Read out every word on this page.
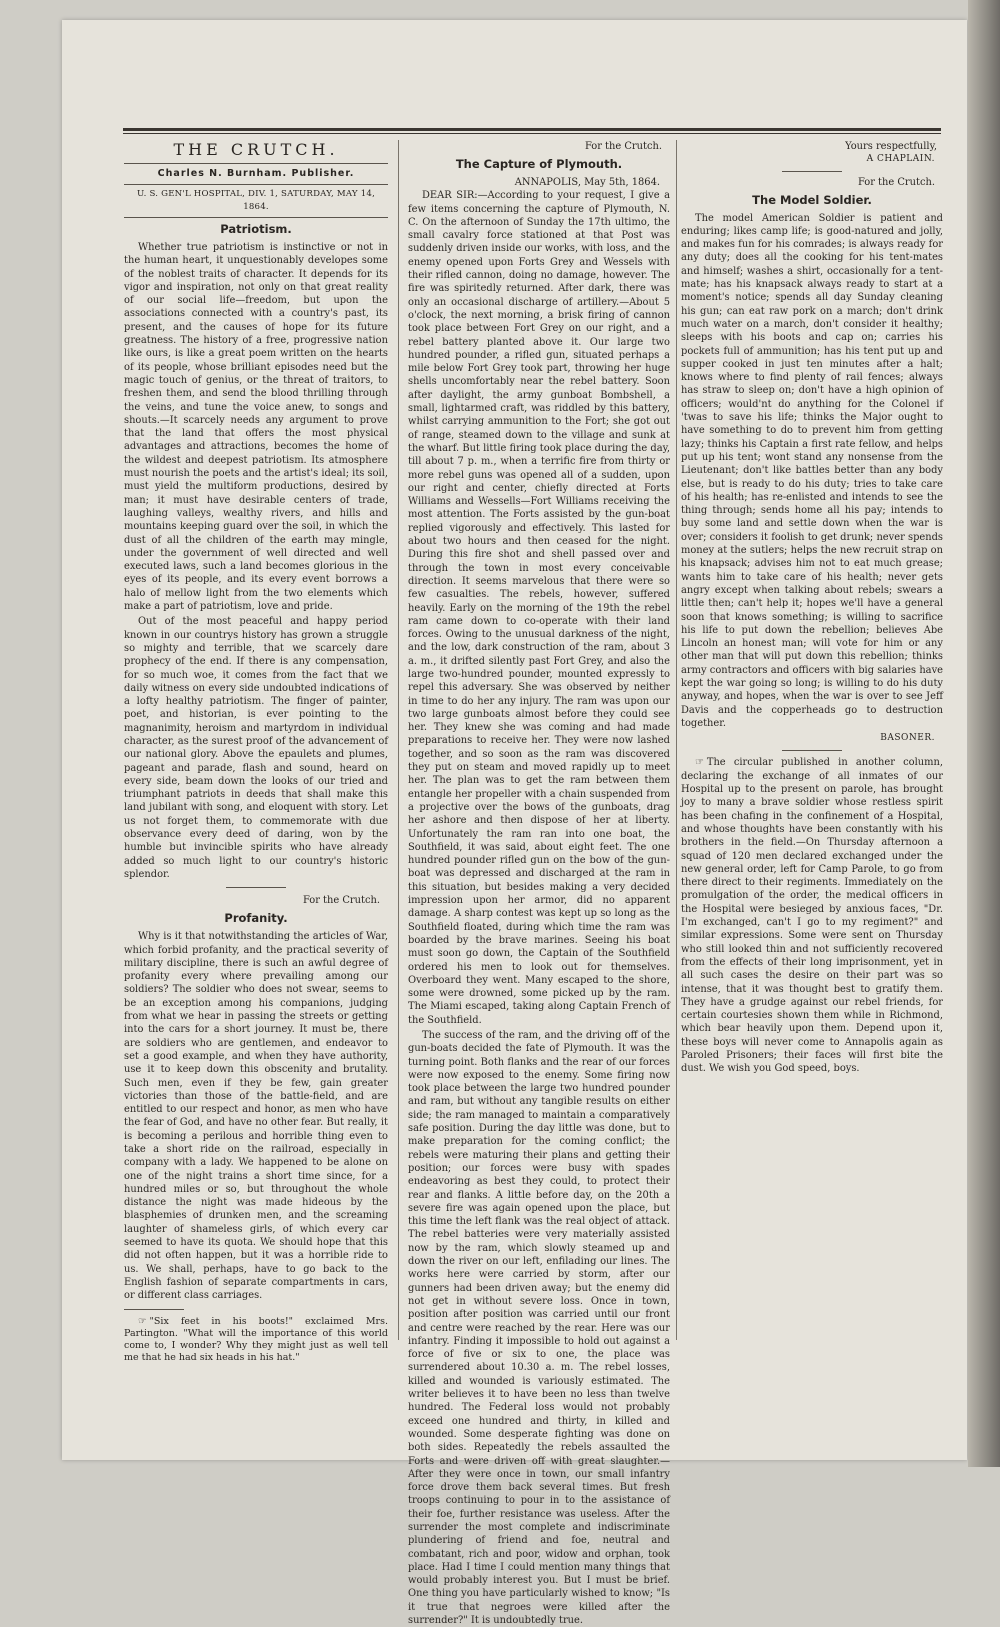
THE CRUTCH.
Charles N. Burnham. Publisher.
U. S. GEN'L HOSPITAL, DIV. 1, SATURDAY, MAY 14, 1864.
Patriotism.

Whether true patriotism is instinctive or not in the human heart, it unquestionably developes some of the noblest traits of character. It depends for its vigor and inspiration, not only on that great reality of our social life—freedom, but upon the associations connected with a country's past, its present, and the causes of hope for its future greatness. The history of a free, progressive nation like ours, is like a great poem written on the hearts of its people, whose brilliant episodes need but the magic touch of genius, or the threat of traitors, to freshen them, and send the blood thrilling through the veins, and tune the voice anew, to songs and shouts.—It scarcely needs any argument to prove that the land that offers the most physical advantages and attractions, becomes the home of the wildest and deepest patriotism. Its atmosphere must nourish the poets and the artist's ideal; its soil, must yield the multiform productions, desired by man; it must have desirable centers of trade, laughing valleys, wealthy rivers, and hills and mountains keeping guard over the soil, in which the dust of all the children of the earth may mingle, under the government of well directed and well executed laws, such a land becomes glorious in the eyes of its people, and its every event borrows a halo of mellow light from the two elements which make a part of patriotism, love and pride.

Out of the most peaceful and happy period known in our countrys history has grown a struggle so mighty and terrible, that we scarcely dare prophecy of the end. If there is any compensation, for so much woe, it comes from the fact that we daily witness on every side undoubted indications of a lofty healthy patriotism. The finger of painter, poet, and historian, is ever pointing to the magnanimity, heroism and martyrdom in individual character, as the surest proof of the advancement of our national glory. Above the epaulets and plumes, pageant and parade, flash and sound, heard on every side, beam down the looks of our tried and triumphant patriots in deeds that shall make this land jubilant with song, and eloquent with story. Let us not forget them, to commemorate with due observance every deed of daring, won by the humble but invincible spirits who have already added so much light to our country's historic splendor.

For the Crutch.
Profanity.

Why is it that notwithstanding the articles of War, which forbid profanity, and the practical severity of military discipline, there is such an awful degree of profanity every where prevailing among our soldiers? The soldier who does not swear, seems to be an exception among his companions, judging from what we hear in passing the streets or getting into the cars for a short journey. It must be, there are soldiers who are gentlemen, and endeavor to set a good example, and when they have authority, use it to keep down this obscenity and brutality. Such men, even if they be few, gain greater victories than those of the battle-field, and are entitled to our respect and honor, as men who have the fear of God, and have no other fear. But really, it is becoming a perilous and horrible thing even to take a short ride on the railroad, especially in company with a lady. We happened to be alone on one of the night trains a short time since, for a hundred miles or so, but throughout the whole distance the night was made hideous by the blasphemies of drunken men, and the screaming laughter of shameless girls, of which every car seemed to have its quota. We should hope that this did not often happen, but it was a horrible ride to us. We shall, perhaps, have to go back to the English fashion of separate compartments in cars, or different class carriages.

☞ "Six feet in his boots!" exclaimed Mrs. Partington. "What will the importance of this world come to, I wonder? Why they might just as well tell me that he had six heads in his hat."

For the Crutch.
The Capture of Plymouth.
ANNAPOLIS, May 5th, 1864.

DEAR SIR:—According to your request, I give a few items concerning the capture of Plymouth, N. C. On the afternoon of Sunday the 17th ultimo, the small cavalry force stationed at that Post was suddenly driven inside our works, with loss, and the enemy opened upon Forts Grey and Wessels with their rifled cannon, doing no damage, however. The fire was spiritedly returned. After dark, there was only an occasional discharge of artillery.—About 5 o'clock, the next morning, a brisk firing of cannon took place between Fort Grey on our right, and a rebel battery planted above it. Our large two hundred pounder, a rifled gun, situated perhaps a mile below Fort Grey took part, throwing her huge shells uncomfortably near the rebel battery. Soon after daylight, the army gunboat Bombshell, a small, lightarmed craft, was riddled by this battery, whilst carrying ammunition to the Fort; she got out of range, steamed down to the village and sunk at the wharf. But little firing took place during the day, till about 7 p. m., when a terrific fire from thirty or more rebel guns was opened all of a sudden, upon our right and center, chiefly directed at Forts Williams and Wessells—Fort Williams receiving the most attention. The Forts assisted by the gun-boat replied vigorously and effectively. This lasted for about two hours and then ceased for the night. During this fire shot and shell passed over and through the town in most every conceivable direction. It seems marvelous that there were so few casualties. The rebels, however, suffered heavily. Early on the morning of the 19th the rebel ram came down to co-operate with their land forces. Owing to the unusual darkness of the night, and the low, dark construction of the ram, about 3 a. m., it drifted silently past Fort Grey, and also the large two-hundred pounder, mounted expressly to repel this adversary. She was observed by neither in time to do her any injury. The ram was upon our two large gunboats almost before they could see her. They knew she was coming and had made preparations to receive her. They were now lashed together, and so soon as the ram was discovered they put on steam and moved rapidly up to meet her. The plan was to get the ram between them entangle her propeller with a chain suspended from a projective over the bows of the gunboats, drag her ashore and then dispose of her at liberty. Unfortunately the ram ran into one boat, the Southfield, it was said, about eight feet. The one hundred pounder rifled gun on the bow of the gun-boat was depressed and discharged at the ram in this situation, but besides making a very decided impression upon her armor, did no apparent damage. A sharp contest was kept up so long as the Southfield floated, during which time the ram was boarded by the brave marines. Seeing his boat must soon go down, the Captain of the Southfield ordered his men to look out for themselves. Overboard they went. Many escaped to the shore, some were drowned, some picked up by the ram. The Miami escaped, taking along Captain French of the Southfield.

The success of the ram, and the driving off of the gun-boats decided the fate of Plymouth. It was the turning point. Both flanks and the rear of our forces were now exposed to the enemy. Some firing now took place between the large two hundred pounder and ram, but without any tangible results on either side; the ram managed to maintain a comparatively safe position. During the day little was done, but to make preparation for the coming conflict; the rebels were maturing their plans and getting their position; our forces were busy with spades endeavoring as best they could, to protect their rear and flanks. A little before day, on the 20th a severe fire was again opened upon the place, but this time the left flank was the real object of attack. The rebel batteries were very materially assisted now by the ram, which slowly steamed up and down the river on our left, enfilading our lines. The works here were carried by storm, after our gunners had been driven away; but the enemy did not get in without severe loss. Once in town, position after position was carried until our front and centre were reached by the rear. Here was our infantry. Finding it impossible to hold out against a force of five or six to one, the place was surrendered about 10.30 a. m. The rebel losses, killed and wounded is variously estimated. The writer believes it to have been no less than twelve hundred. The Federal loss would not probably exceed one hundred and thirty, in killed and wounded. Some desperate fighting was done on both sides. Repeatedly the rebels assaulted the Forts and were driven off with great slaughter.—After they were once in town, our small infantry force drove them back several times. But fresh troops continuing to pour in to the assistance of their foe, further resistance was useless. After the surrender the most complete and indiscriminate plundering of friend and foe, neutral and combatant, rich and poor, widow and orphan, took place. Had I time I could mention many things that would probably interest you. But I must be brief. One thing you have particularly wished to know; "Is it true that negroes were killed after the surrender?" It is undoubtedly true.

Yours respectfully,
A CHAPLAIN.
For the Crutch.
The Model Soldier.

The model American Soldier is patient and enduring; likes camp life; is good-natured and jolly, and makes fun for his comrades; is always ready for any duty; does all the cooking for his tent-mates and himself; washes a shirt, occasionally for a tent-mate; has his knapsack always ready to start at a moment's notice; spends all day Sunday cleaning his gun; can eat raw pork on a march; don't drink much water on a march, don't consider it healthy; sleeps with his boots and cap on; carries his pockets full of ammunition; has his tent put up and supper cooked in just ten minutes after a halt; knows where to find plenty of rail fences; always has straw to sleep on; don't have a high opinion of officers; would'nt do anything for the Colonel if 'twas to save his life; thinks the Major ought to have something to do to prevent him from getting lazy; thinks his Captain a first rate fellow, and helps put up his tent; wont stand any nonsense from the Lieutenant; don't like battles better than any body else, but is ready to do his duty; tries to take care of his health; has re-enlisted and intends to see the thing through; sends home all his pay; intends to buy some land and settle down when the war is over; considers it foolish to get drunk; never spends money at the sutlers; helps the new recruit strap on his knapsack; advises him not to eat much grease; wants him to take care of his health; never gets angry except when talking about rebels; swears a little then; can't help it; hopes we'll have a general soon that knows something; is willing to sacrifice his life to put down the rebellion; believes Abe Lincoln an honest man; will vote for him or any other man that will put down this rebellion; thinks army contractors and officers with big salaries have kept the war going so long; is willing to do his duty anyway, and hopes, when the war is over to see Jeff Davis and the copperheads go to destruction together.

BASONER.

☞ The circular published in another column, declaring the exchange of all inmates of our Hospital up to the present on parole, has brought joy to many a brave soldier whose restless spirit has been chafing in the confinement of a Hospital, and whose thoughts have been constantly with his brothers in the field.—On Thursday afternoon a squad of 120 men declared exchanged under the new general order, left for Camp Parole, to go from there direct to their regiments. Immediately on the promulgation of the order, the medical officers in the Hospital were besieged by anxious faces, "Dr. I'm exchanged, can't I go to my regiment?" and similar expressions. Some were sent on Thursday who still looked thin and not sufficiently recovered from the effects of their long imprisonment, yet in all such cases the desire on their part was so intense, that it was thought best to gratify them. They have a grudge against our rebel friends, for certain courtesies shown them while in Richmond, which bear heavily upon them. Depend upon it, these boys will never come to Annapolis again as Paroled Prisoners; their faces will first bite the dust. We wish you God speed, boys.
